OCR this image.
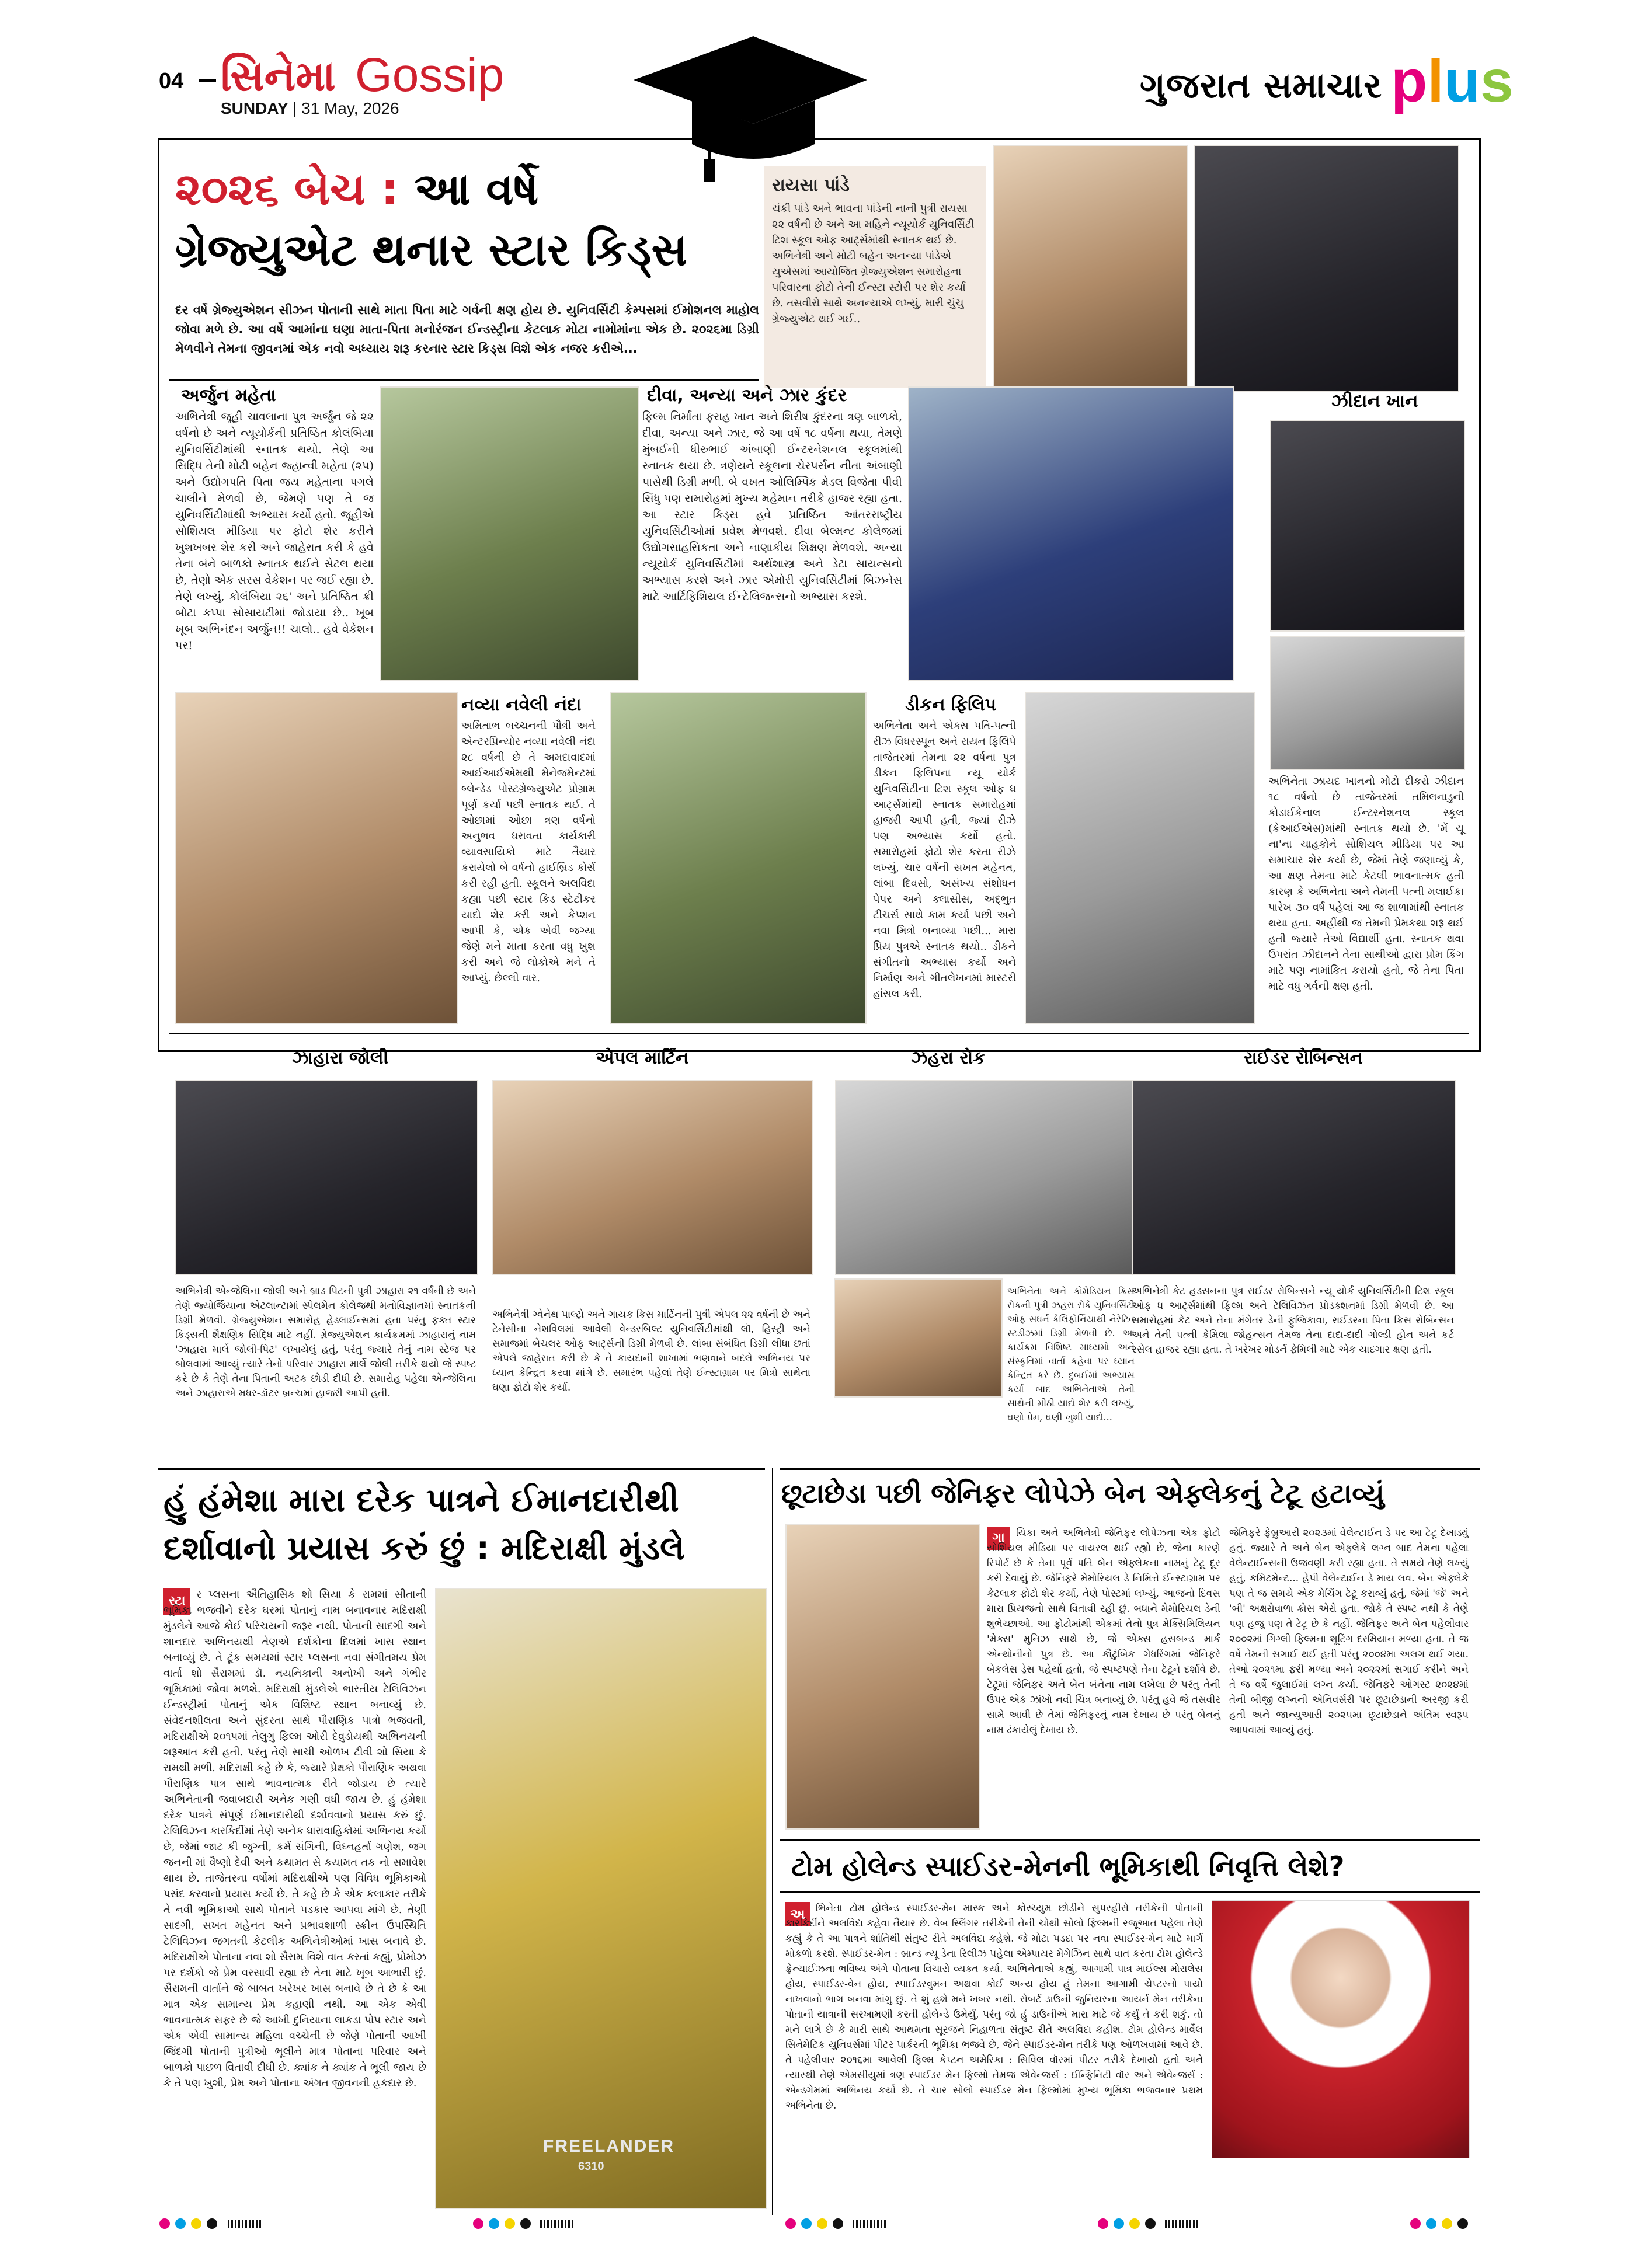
04 સિનેમા Gossip
SUNDAY | 31 May, 2026
ગુજરાત સમાચાર plus
૨૦૨૬ બેચ : આ વર્ષે
ગ્રેજ્યુએટ થનાર સ્ટાર કિડ્સ
દર વર્ષે ગ્રેજ્યુએશન સીઝન પોતાની સાથે માતા પિતા માટે ગર્વની ક્ષણ હોય છે. યુનિવર્સિટી કેમ્પસમાં ઈમોશનલ માહોલ જોવા મળે છે. આ વર્ષે આમાંના ઘણા માતા-પિતા મનોરંજન ઈન્ડસ્ટ્રીના કેટલાક મોટા નામોમાંના એક છે. ૨૦૨૬મા ડિગ્રી મેળવીને તેમના જીવનમાં એક નવો અધ્યાય શરૂ કરનાર સ્ટાર કિડ્સ વિશે એક નજર કરીએ...
રાયસા પાંડે
ચંકી પાંડે અને ભાવના પાંડેની નાની પુત્રી રાયસા ૨૨ વર્ષની છે અને આ મહિને ન્યૂયોર્ક યુનિવર્સિટી ટિશ સ્કૂલ ઓફ આર્ટ્સમાંથી સ્નાતક થઈ છે. અભિનેત્રી અને મોટી બહેન અનન્યા પાંડેએ યુએસમાં આયોજિત ગ્રેજ્યુએશન સમારોહના પરિવારના ફોટો તેની ઈન્સ્ટા સ્ટોરી પર શેર કર્યા છે. તસવીરો સાથે અનન્યાએ લખ્યું, મારી ચુંચુ ગ્રેજ્યુએટ થઈ ગઈ..
અર્જુન મહેતા
અભિનેત્રી જૂહી ચાવલાના પુત્ર અર્જુન જે ૨૨ વર્ષનો છે અને ન્યૂયોર્કની પ્રતિષ્ઠિત કોલંબિયા યુનિવર્સિટીમાંથી સ્નાતક થયો. તેણે આ સિદ્ધિ તેની મોટી બહેન જ્હાન્વી મહેતા (૨૫) અને ઉદ્યોગપતિ પિતા જય મહેતાના પગલે ચાલીને મેળવી છે, જેમણે પણ તે જ યુનિવર્સિટીમાંથી અભ્યાસ કર્યો હતો. જૂહીએ સોશિયલ મીડિયા પર ફોટો શેર કરીને ખુશખબર શેર કરી અને જાહેરાત કરી કે હવે તેના બંને બાળકો સ્નાતક થઈને સેટલ થયા છે, તેણો એક સરસ વેકેશન પર જઈ રહ્યા છે. તેણે લખ્યું, કોલંબિયા ૨૬' અને પ્રતિષ્ઠિત ક્રી બોટા કપ્પા સોસાયટીમાં જોડાયા છે.. ખૂબ ખૂબ અભિનંદન અર્જુન!! ચાલો.. હવે વેકેશન પર!
દીવા, અન્યા અને ઝાર કુંદર
ફિલ્મ નિર્માતા ફરાહ ખાન અને શિરીષ કુંદરના ત્રણ બાળકો, દીવા, અન્યા અને ઝાર, જે આ વર્ષે ૧૮ વર્ષના થયા, તેમણે મુંબઈની ધીરુભાઈ અંબાણી ઈન્ટરનેશનલ સ્કૂલમાંથી સ્નાતક થયા છે. ત્રણેયને સ્કૂલના ચેરપર્સન નીતા અંબાણી પાસેથી ડિગ્રી મળી. બે વખત ઓલિમ્પિક મેડલ વિજેતા પીવી સિંધુ પણ સમારોહમાં મુખ્ય મહેમાન તરીકે હાજર રહ્યા હતા. આ સ્ટાર કિડ્સ હવે પ્રતિષ્ઠિત આંતરરાષ્ટ્રીય યુનિવર્સિટીઓમાં પ્રવેશ મેળવશે. દીવા બેલ્મન્ટ કોલેજમાં ઉદ્યોગસાહસિકતા અને નાણાકીય શિક્ષણ મેળવશે. અન્યા ન્યૂયોર્ક યુનિવર્સિટીમાં અર્થશાસ્ત્ર અને ડેટા સાયન્સનો અભ્યાસ કરશે અને ઝાર એમોરી યુનિવર્સિટીમાં બિઝનેસ માટે આર્ટિફિશિયલ ઈન્ટેલિજન્સનો અભ્યાસ કરશે.
ઝીદાન ખાન
અભિનેતા ઝાયદ ખાનનો મોટો દીકરો ઝીદાન ૧૮ વર્ષનો છે તાજેતરમાં તમિલનાડુની કોડાઈકેનાલ ઈન્ટરનેશનલ સ્કૂલ (કેઆઈએસ)માંથી સ્નાતક થયો છે. 'મેં ચૂ ના'ના ચાહકોને સોશિયલ મીડિયા પર આ સમાચાર શેર કર્યા છે, જેમાં તેણે જણાવ્યું કે, આ ક્ષણ તેમના માટે કેટલી ભાવનાત્મક હતી કારણ કે અભિનેતા અને તેમની પત્ની મલાઈકા પારેખ ૩૦ વર્ષ પહેલાં આ જ શાળામાંથી સ્નાતક થયા હતા. અહીંથી જ તેમની પ્રેમકથા શરૂ થઈ હતી જ્યારે તેઓ વિદ્યાર્થી હતા. સ્નાતક થવા ઉપરાંત ઝીદાનને તેના સાથીઓ દ્વારા પ્રોમ કિંગ માટે પણ નામાંકિત કરાયો હતો, જે તેના પિતા માટે વધુ ગર્વની ક્ષણ હતી.
નવ્યા નવેલી નંદા
અમિતાભ બચ્ચનની પૌત્રી અને એન્ટરપ્રિન્યોર નવ્યા નવેલી નંદા ૨૮ વર્ષની છે તે અમદાવાદમાં આઈઆઈએમથી મેનેજમેન્ટમાં બ્લેન્ડેડ પોસ્ટગ્રેજ્યુએટ પ્રોગ્રામ પૂર્ણ કર્યા પછી સ્નાતક થઈ. તે ઓછામાં ઓછા ત્રણ વર્ષનો અનુભવ ધરાવતા કાર્યકારી વ્યાવસાયિકો માટે તૈયાર કરાયેલો બે વર્ષનો હાઈબ્રિડ કોર્સ કરી રહી હતી. સ્કૂલને અલવિદા કહ્યા પછી સ્ટાર કિડ સ્ટેટીકર યાદો શેર કરી અને કેપ્શન આપી કે, એક એવી જગ્યા જેણે મને માતા કરતા વધુ ખુશ કરી અને જે લોકોએ મને તે આપ્યું. છેલ્લી વાર.
ડીકન ફિલિપ
અભિનેતા અને એક્સ પતિ-પત્ની રીઝ વિધરસ્પૂન અને રાયન ફિલિપે તાજેતરમાં તેમના ૨૨ વર્ષના પુત્ર ડીકન ફિલિપના ન્યૂ યોર્ક યુનિવર્સિટીના ટિશ સ્કૂલ ઓફ ધ આર્ટ્સમાંથી સ્નાતક સમારોહમાં હાજરી આપી હતી, જ્યાં રીઝે પણ અભ્યાસ કર્યો હતો. સમારોહમાં ફોટો શેર કરતા રીઝે લખ્યું, ચાર વર્ષની સખત મહેનત, લાંબા દિવસો, અસંખ્ય સંશોધન પેપર અને ક્લાસીસ, અદ્ભુત ટીચર્સ સાથે કામ કર્યા પછી અને નવા મિત્રો બનાવ્યા પછી... મારા પ્રિય પુત્રએ સ્નાતક થયો.. ડીકને સંગીતનો અભ્યાસ કર્યો અને નિર્માણ અને ગીતલેખનમાં માસ્ટરી હાંસલ કરી.
ઝાહારા જોલી	એપલ માર્ટિન	ઝહરા રોક	રાઈડર રોબિન્સન
અભિનેત્રી એન્જેલિના જોલી અને બ્રાડ પિટની પુત્રી ઝાહારા ૨૧ વર્ષની છે અને તેણે જ્યોર્જિયાના એટલાન્ટામાં સ્પેલમેન કોલેજથી મનોવિજ્ઞાનમાં સ્નાતકની ડિગ્રી મેળવી. ગ્રેજ્યુએશન સમારોહ હેડલાઈન્સમાં હતા પરંતુ ફક્ત સ્ટાર કિડ્સની શૈક્ષણિક સિદ્ધિ માટે નહીં. ગ્રેજ્યુએશન કાર્યક્રમમાં ઝાહારાનું નામ 'ઝાહારા માર્લે જોલી-પિટ' લખાયેલું હતું, પરંતુ જ્યારે તેનું નામ સ્ટેજ પર બોલવામાં આવ્યું ત્યારે તેનો પરિવાર ઝાહારા માર્લે જોલી તરીકે થયો જે સ્પષ્ટ કરે છે કે તેણે તેના પિતાની અટક છોડી દીધી છે. સમારોહ પહેલા એન્જેલિના અને ઝાહારાએ મધર-ડૉટર બ્રન્ચમાં હાજરી આપી હતી.
અભિનેત્રી ગ્વેનેથ પાલ્ટ્રો અને ગાયક ક્રિસ માર્ટિનની પુત્રી એપલ ૨૨ વર્ષની છે અને ટેનેસીના નેશવિલમાં આવેલી વેન્ડરબિલ્ટ યુનિવર્સિટીમાંથી લૉ, હિસ્ટ્રી અને સમાજમાં બેચલર ઓફ આર્ટ્સની ડિગ્રી મેળવી છે. લાંબા સંબંધિત ડિગ્રી લીધા છતાં એપલે જાહેરાત કરી છે કે તે કાયદાની શાખામાં ભણવાને બદલે અભિનય પર ધ્યાન કેન્દ્રિત કરવા માંગે છે. સમારંભ પહેલાં તેણે ઈન્સ્ટાગ્રામ પર મિત્રો સાથેના ઘણા ફોટો શેર કર્યા.
અભિનેતા અને કોમેડિયન ક્રિસ રોકની પુત્રી ઝહરા રોકે યુનિવર્સિટી ઓફ સધર્ન કેલિફોર્નિયાથી નેરેટિવ સ્ટડીઝમાં ડિગ્રી મેળવી છે. આ કાર્યક્રમ વિશિષ્ટ માધ્યમો અને સંસ્કૃતિમાં વાર્તા કહેવા પર ધ્યાન કેન્દ્રિત કરે છે. દુબઈમાં અભ્યાસ કર્યા બાદ અભિનેતાએ તેની સાથેની મીઠી યાદો શેર કરી લખ્યું, ઘણો પ્રેમ, ઘણી ખુશી યાદો...
અભિનેત્રી કેટ હડસનના પુત્ર રાઈડર રોબિન્સને ન્યૂ યોર્ક યુનિવર્સિટીની ટિશ સ્કૂલ ઓફ ધ આર્ટ્સમાંથી ફિલ્મ અને ટેલિવિઝન પ્રોડક્શનમાં ડિગ્રી મેળવી છે. આ સમારોહમાં કેટ અને તેના મંગેતર ડેની ફુજિકાવા, રાઈડરના પિતા ક્રિસ રોબિન્સન અને તેની પત્ની કેમિલા જોહન્સન તેમજ તેના દાદા-દાદી ગોલ્ડી હોન અને કર્ટ રસેલ હાજર રહ્યા હતા. તે ખરેખર મોડર્ન ફેમિલી માટે એક યાદગાર ક્ષણ હતી.
હું હંમેશા મારા દરેક પાત્રને ઈમાનદારીથી
દર્શાવાનો પ્રયાસ કરું છું : મદિરાક્ષી મુંડલે
સ્ટા	ર પ્લસના ઐતિહાસિક શો સિયા કે રામમાં સીતાની ભૂમિકા ભજવીને દરેક ઘરમાં પોતાનું નામ બનાવનાર મદિરાક્ષી મુંડલેને આજે કોઈ પરિચયની જરૂર નથી. પોતાની સાદગી અને શાનદાર અભિનયથી તેણએ દર્શકોના દિલમાં ખાસ સ્થાન બનાવ્યું છે. તે ટૂંક સમયમાં સ્ટાર પ્લસના નવા સંગીતમય પ્રેમ વાર્તા શો સૈરામમાં ડૉ. નયનિકાની અનોખી અને ગંભીર ભૂમિકામાં જોવા મળશે. મદિરાક્ષી મુંડલેએ ભારતીય ટેલિવિઝન ઈન્ડસ્ટ્રીમાં પોતાનું એક વિશિષ્ટ સ્થાન બનાવ્યું છે. સંવેદનશીલતા અને સુંદરતા સાથે પૌરાણિક પાત્રો ભજવતી, મદિરાક્ષીએ ૨૦૧૫માં તેલુગુ ફિલ્મ ઓરી દેવુડોયથી અભિનયની શરૂઆત કરી હતી. પરંતુ તેણે સાચી ઓળખ ટીવી શો સિયા કે રામથી મળી. મદિરાક્ષી કહે છે કે, જ્યારે પ્રેક્ષકો પૌરાણિક અથવા પૌરાણિક પાત્ર સાથે ભાવનાત્મક રીતે જોડાય છે ત્યારે અભિનેતાની જવાબદારી અનેક ગણી વધી જાય છે. હું હંમેશા દરેક પાત્રને સંપૂર્ણ ઈમાનદારીથી દર્શાવવાનો પ્રયાસ કરું છું. ટેલિવિઝન કારકિર્દીમાં તેણે અનેક ધારાવાહિકોમાં અભિનય કર્યો છે, જેમાં જાટ કી જુગ્ની, કર્મ સંગિની, વિઘ્નહર્તા ગણેશ, જગ જનની માં વૈષ્ણો દેવી અને કથામત સે કયામત તક નો સમાવેશ થાય છે. તાજેતરના વર્ષોમાં મદિરાક્ષીએ પણ વિવિધ ભૂમિકાઓ પસંદ કરવાનો પ્રયાસ કર્યો છે. તે કહે છે કે એક કલાકાર તરીકે તે નવી ભૂમિકાઓ સાથે પોતાને પડકાર આપવા માંગે છે. તેણી સાદગી, સખત મહેનત અને પ્રભાવશાળી સ્ક્રીન ઉપસ્થિતિ ટેલિવિઝન જગતની કેટલીક અભિનેત્રીઓમાં ખાસ બનાવે છે. મદિરાક્ષીએ પોતાના નવા શો સૈરામ વિશે વાત કરતાં કહ્યું, પ્રોમોઝ પર દર્શકો જે પ્રેમ વરસાવી રહ્યા છે તેના માટે ખૂબ આભારી છું. સૈરામની વાર્તાને જે બાબત ખરેખર ખાસ બનાવે છે તે છે કે આ માત્ર એક સામાન્ય પ્રેમ કહાણી નથી. આ એક એવી ભાવનાત્મક સફર છે જે આખી દુનિયાના લાકડા પોપ સ્ટાર અને એક એવી સામાન્ય મહિલા વચ્ચેની છે જેણે પોતાની આખી જિંદગી પોતાની પુત્રીઓ ભૂલીને માત્ર પોતાના પરિવાર અને બાળકો પાછળ વિતાવી દીધી છે. ક્યાંક ને ક્યાંક તે ભૂલી જાય છે કે તે પણ ખુશી, પ્રેમ અને પોતાના અંગત જીવનની હકદાર છે.
FREELANDER
6310
છૂટાછેડા પછી જેનિફર લોપેઝે બેન એફ્લેકનું ટેટૂ હટાવ્યું
ગા	યિકા અને અભિનેત્રી જેનિફર લોપેઝના એક ફોટો સોશિયલ મીડિયા પર વાયરલ થઈ રહ્યો છે, જેના કારણે રિપોર્ટ છે કે તેના પૂર્વ પતિ બેન એફ્લેકના નામનું ટેટૂ દૂર કરી દેવાયું છે. જેનિફરે મેમોરિયલ ડે નિમિત્તે ઈન્સ્ટાગ્રામ પર કેટલાક ફોટો શેર કર્યા, તેણે પોસ્ટમાં લખ્યું, આજનો દિવસ મારા પ્રિયજનો સાથે વિતાવી રહી છું. બધાને મેમોરિયલ ડેની શુભેચ્છાઓ. આ ફોટોમાંથી એકમાં તેનો પુત્ર મેક્સિમિલિયન 'મેક્સ' મુનિઝ સાથે છે, જે એક્સ હસબન્ડ માર્ક એન્થોનીનો પુત્ર છે. આ કૌટુંબિક ગેધરિંગમાં જેનિફરે બેકલેસ ડ્રેસ પહેર્યો હતો, જે સ્પષ્ટપણે તેના ટેટૂને દર્શાવે છે. ટેટૂમાં જેનિફર અને બેન બંનેના નામ લખેલા છે પરંતુ તેની ઉપર એક ઝાંખો નવી ચિત્ર બનાવ્યું છે. પરંતુ હવે જે તસવીર સામે આવી છે તેમાં જેનિફરનું નામ દેખાય છે પરંતુ બેનનું નામ ઢંકાયેલું દેખાય છે.
જેનિફરે ફેબ્રુઆરી ૨૦૨૩માં વેલેન્ટાઈન ડે પર આ ટેટૂ દેખાડ્યું હતું. જ્યારે તે અને બેન એફ્લેકે લગ્ન બાદ તેમના પહેલા વેલેન્ટાઈન્સની ઉજવણી કરી રહ્યા હતા. તે સમયે તેણે લખ્યું હતું, કમિટમેન્ટ... હેપી વેલેન્ટાઈન ડે માય લવ. બેન એફ્લેકે પણ તે જ સમયે એક મેચિંગ ટેટૂ કરાવ્યું હતું, જેમાં 'જે' અને 'બી' અક્ષરોવાળા ક્રોસ એરો હતા. જોકે તે સ્પષ્ટ નથી કે તેણે પણ હજુ પણ તે ટેટૂ છે કે નહીં. જેનિફર અને બેન પહેલીવાર ૨૦૦૨માં ગિગ્લી ફિલ્મના શૂટિંગ દરમિયાન મળ્યા હતા. તે જ વર્ષે તેમની સગાઈ થઈ હતી પરંતુ ૨૦૦૪મા અલગ થઈ ગયા. તેઓ ૨૦૨૧મા ફરી મળ્યા અને ૨૦૨૨માં સગાઈ કરીને અને તે જ વર્ષે જુલાઈમાં લગ્ન કર્યા. જેનિફરે ઓગસ્ટ ૨૦૨૪માં તેની બીજી લગ્નની એનિવર્સરી પર છૂટાછેડાની અરજી કરી હતી અને જાન્યુઆરી ૨૦૨૫મા છૂટાછેડાને અંતિમ સ્વરૂપ આપવામાં આવ્યું હતું.
ટોમ હોલેન્ડ સ્પાઈડર-મેનની ભૂમિકાથી નિવૃત્તિ લેશે?
અ	ભિનેતા ટોમ હોલેન્ડ સ્પાઈડર-મેન માસ્ક અને કોસ્ચ્યુમ છોડીને સુપરહીરો તરીકેની પોતાની કારકિર્દીને અલવિદા કહેવા તૈયાર છે. વેબ સ્લિંગર તરીકેની તેની ચોથી સોલો ફિલ્મની રજૂઆત પહેલા તેણે કહ્યું કે તે આ પાત્રને શાંતિથી સંતુષ્ટ રીતે અલવિદા કહેશે. જે મોટા પડદા પર નવા સ્પાઈડર-મેન માટે માર્ગ મોકળો કરશે. સ્પાઈડર-મેન : બ્રાન્ડ ન્યૂ ડેના રિલીઝ પહેલા એમ્પાયર મેગેઝિન સાથે વાત કરતા ટોમ હોલેન્ડે ફ્રેન્ચાઈઝના ભવિષ્ય અંગે પોતાના વિચારો વ્યક્ત કર્યા. અભિનેતાએ કહ્યું, આગામી પાત્ર માઈલ્સ મોરાલેસ હોય, સ્પાઈડર-વેન હોય, સ્પાઈડરવુમન અથવા કોઈ અન્ય હોય હું તેમના આગામી ચેપ્ટરનો પાયો નાખવાનો ભાગ બનવા માંગુ છું. તે શું હશે મને ખબર નથી. રોબર્ટ ડાઉની જુનિયરના આયર્ન મેન તરીકેના પોતાની યાત્રાની સરખામણી કરતી હોલેન્ડે ઉમેર્યું, પરંતુ જો હું ડાઉનીએ મારા માટે જે કર્યું તે કરી શકું. તો મને લાગે છે કે મારી સાથે આથમતા સૂરજને નિહાળતા સંતુષ્ટ રીતે અલવિદા કહીશ. ટોમ હોલેન્ડ માર્વેલ સિનેમેટિક યુનિવર્સમાં પીટર પાર્કરની ભૂમિકા ભજવે છે, જેને સ્પાઈડર-મેન તરીકે પણ ઓળખવામાં આવે છે. તે પહેલીવાર ૨૦૧૬મા આવેલી ફિલ્મ કેપ્ટન અમેરિકા : સિવિલ વૉરમાં પીટર તરીકે દેખાયો હતો અને ત્યારથી તેણે એમસીયુમાં ત્રણ સ્પાઈડર મેન ફિલ્મો તેમજ એવેન્જર્સ : ઈન્ફિનિટી વૉર અને એવેન્જર્સ : એન્ડગેમમાં અભિનય કર્યો છે. તે ચાર સોલો સ્પાઈડર મેન ફિલ્મોમાં મુખ્ય ભૂમિકા ભજવનાર પ્રથમ અભિનેતા છે.
